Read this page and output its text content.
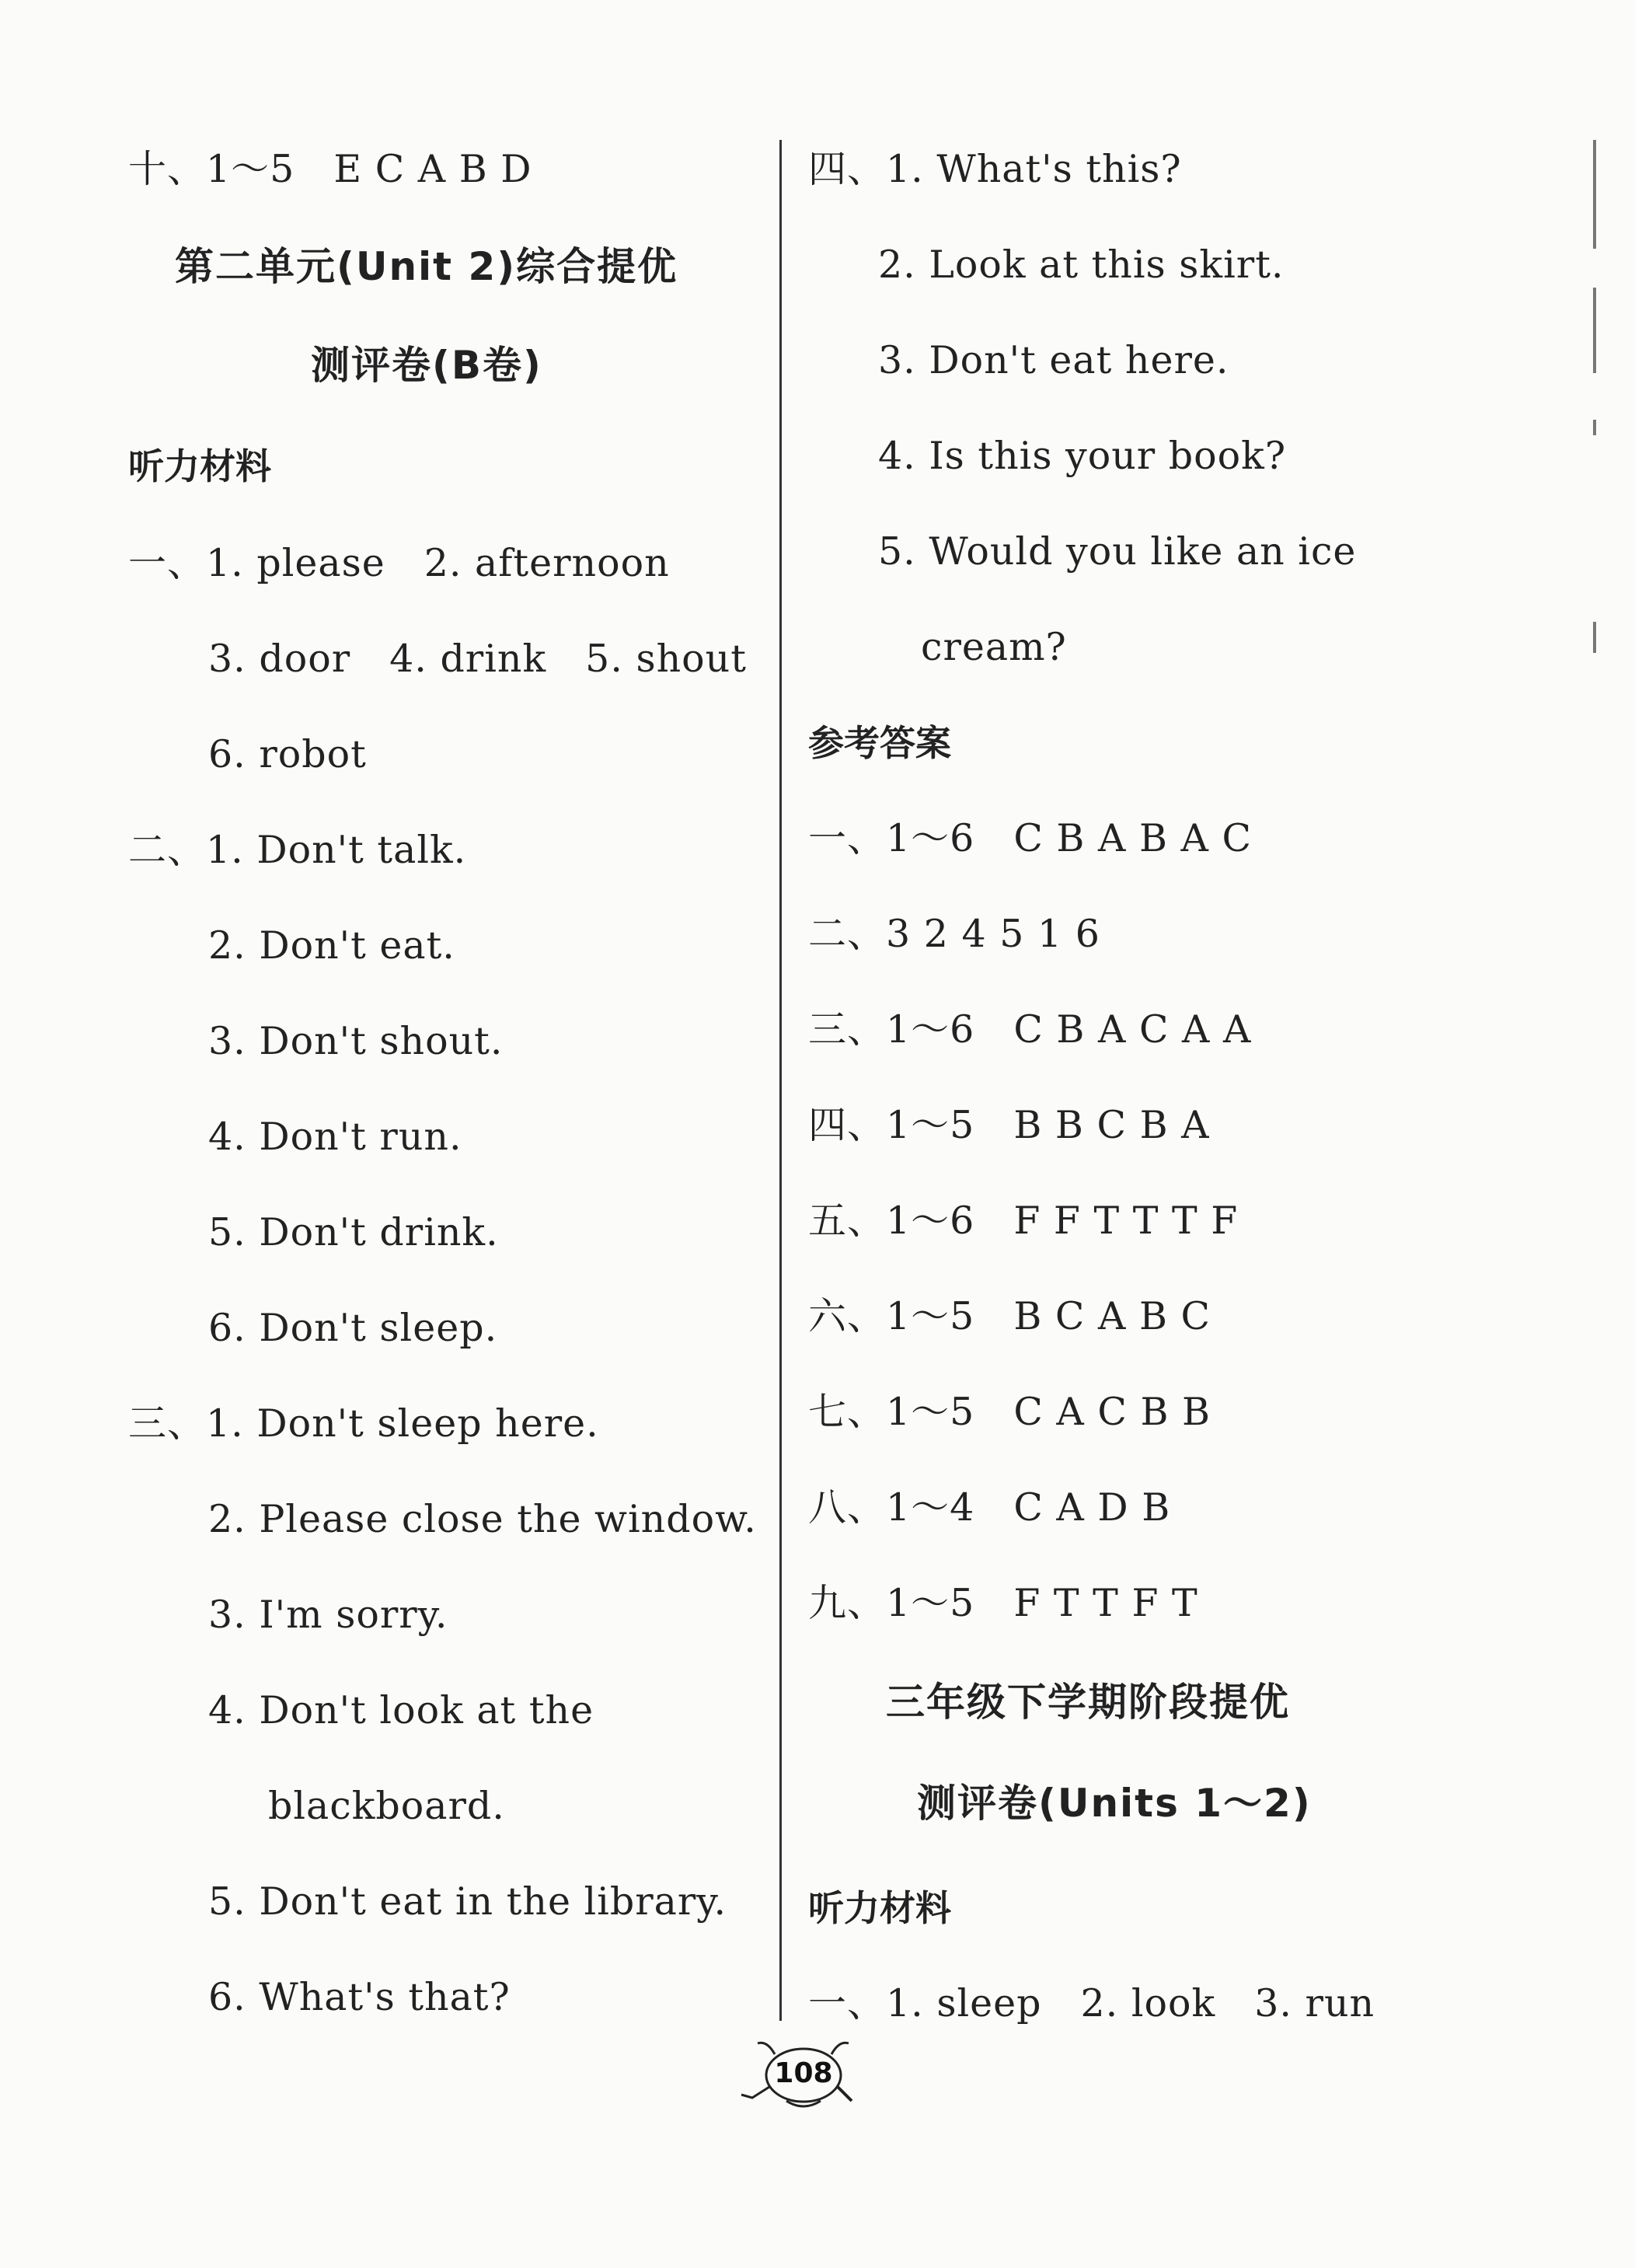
十、1～5　E C A B D
第二单元(Unit 2)综合提优
测评卷(B卷)
听力材料
一、1. please　2. afternoon
3. door　4. drink　5. shout
6. robot
二、1. Don't talk.
2. Don't eat.
3. Don't shout.
4. Don't run.
5. Don't drink.
6. Don't sleep.
三、1. Don't sleep here.
2. Please close the window.
3. I'm sorry.
4. Don't look at the
blackboard.
5. Don't eat in the library.
6. What's that?
四、1. What's this?
2. Look at this skirt.
3. Don't eat here.
4. Is this your book?
5. Would you like an ice
cream?
参考答案
一、1～6　C B A B A C
二、3 2 4 5 1 6
三、1～6　C B A C A A
四、1～5　B B C B A
五、1～6　F F T T T F
六、1～5　B C A B C
七、1～5　C A C B B
八、1～4　C A D B
九、1～5　F T T F T
三年级下学期阶段提优
测评卷(Units 1～2)
听力材料
一、1. sleep　2. look　3. run
108
